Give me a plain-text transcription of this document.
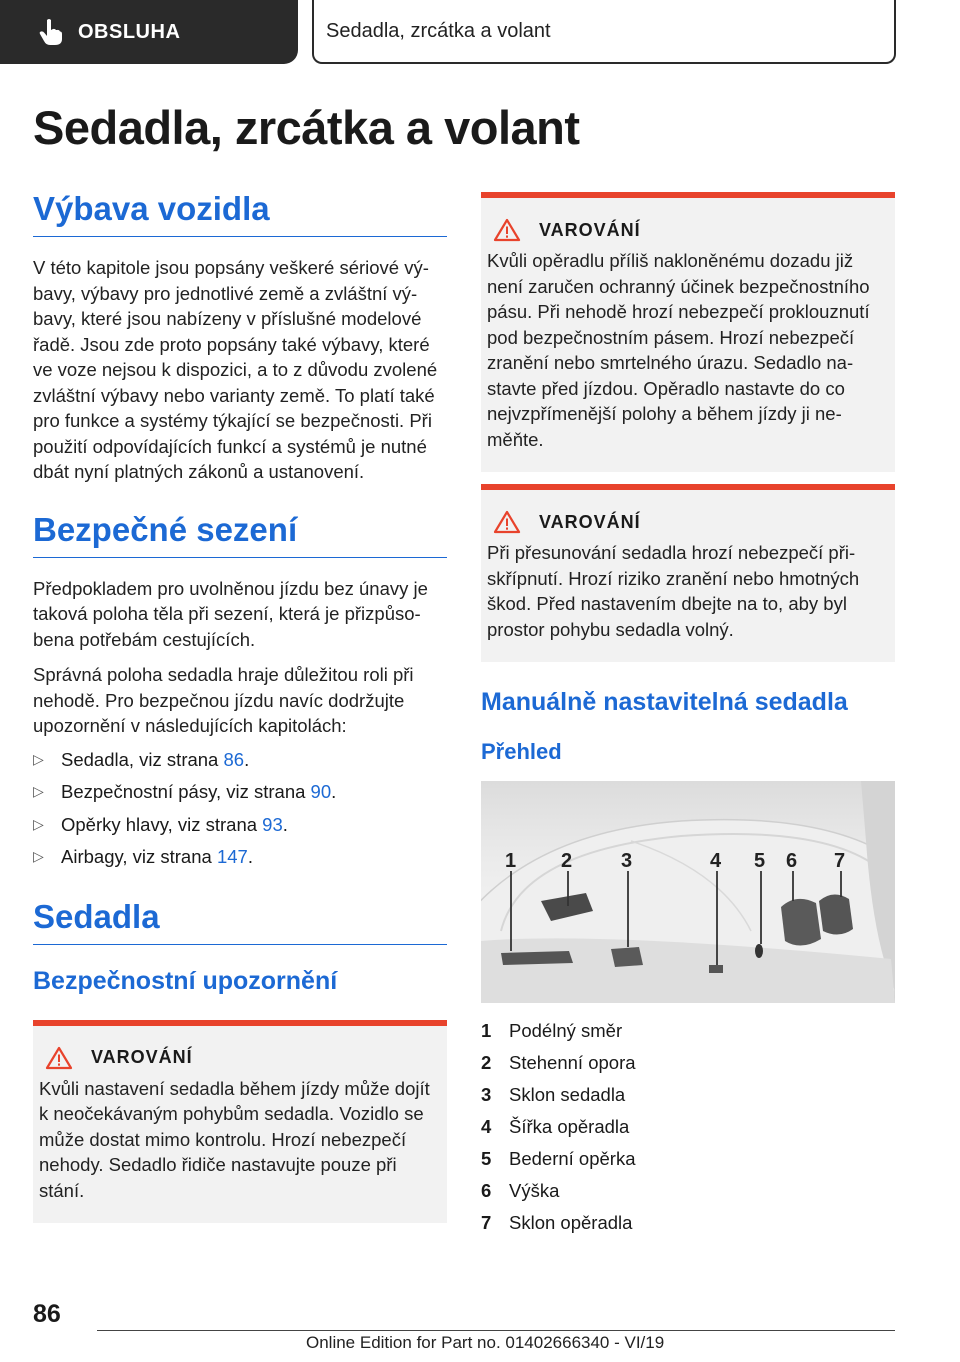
OBSLUHA	Sedadla, zrcátka a volant
Sedadla, zrcátka a volant
Výbava vozidla

V této kapitole jsou popsány veškeré sériové vý-bavy, výbavy pro jednotlivé země a zvláštní vý-bavy, které jsou nabízeny v příslušné modelové řadě. Jsou zde proto popsány také výbavy, které ve voze nejsou k dispozici, a to z důvodu zvolené zvláštní výbavy nebo varianty země. To platí také pro funkce a systémy týkající se bezpečnosti. Při použití odpovídajících funkcí a systémů je nutné dbát nyní platných zákonů a ustanovení.

Bezpečné sezení

Předpokladem pro uvolněnou jízdu bez únavy je taková poloha těla při sezení, která je přizpůso-bena potřebám cestujících.

Správná poloha sedadla hraje důležitou roli při nehodě. Pro bezpečnou jízdu navíc dodržujte upozornění v následujících kapitolách:

▷ Sedadla, viz strana 86.
▷ Bezpečnostní pásy, viz strana 90.
▷ Opěrky hlavy, viz strana 93.
▷ Airbagy, viz strana 147.
Sedadla
Bezpečnostní upozornění
VAROVÁNÍ

Kvůli nastavení sedadla během jízdy může dojít k neočekávaným pohybům sedadla. Vozidlo se může dostat mimo kontrolu. Hrozí nebezpečí nehody. Sedadlo řidiče nastavujte pouze při stání.

VAROVÁNÍ

Kvůli opěradlu příliš nakloněnému dozadu již není zaručen ochranný účinek bezpečnostního pásu. Při nehodě hrozí nebezpečí proklouznutí pod bezpečnostním pásem. Hrozí nebezpečí zranění nebo smrtelného úrazu. Sedadlo na-stavte před jízdou. Opěradlo nastavte do co nejvzpřímenější polohy a během jízdy ji ne-měňte.

VAROVÁNÍ

Při přesunování sedadla hrozí nebezpečí při-skřípnutí. Hrozí riziko zranění nebo hmotných škod. Před nastavením dbejte na to, aby byl prostor pohybu sedadla volný.

Manuálně nastavitelná sedadla
Přehled
1 2 3	4 5 6 7
1 Podélný směr
2 Stehenní opora
3 Sklon sedadla
4 Šířka opěradla
5 Bederní opěrka
6 Výška
7 Sklon opěradla
86
Online Edition for Part no. 01402666340 - VI/19
